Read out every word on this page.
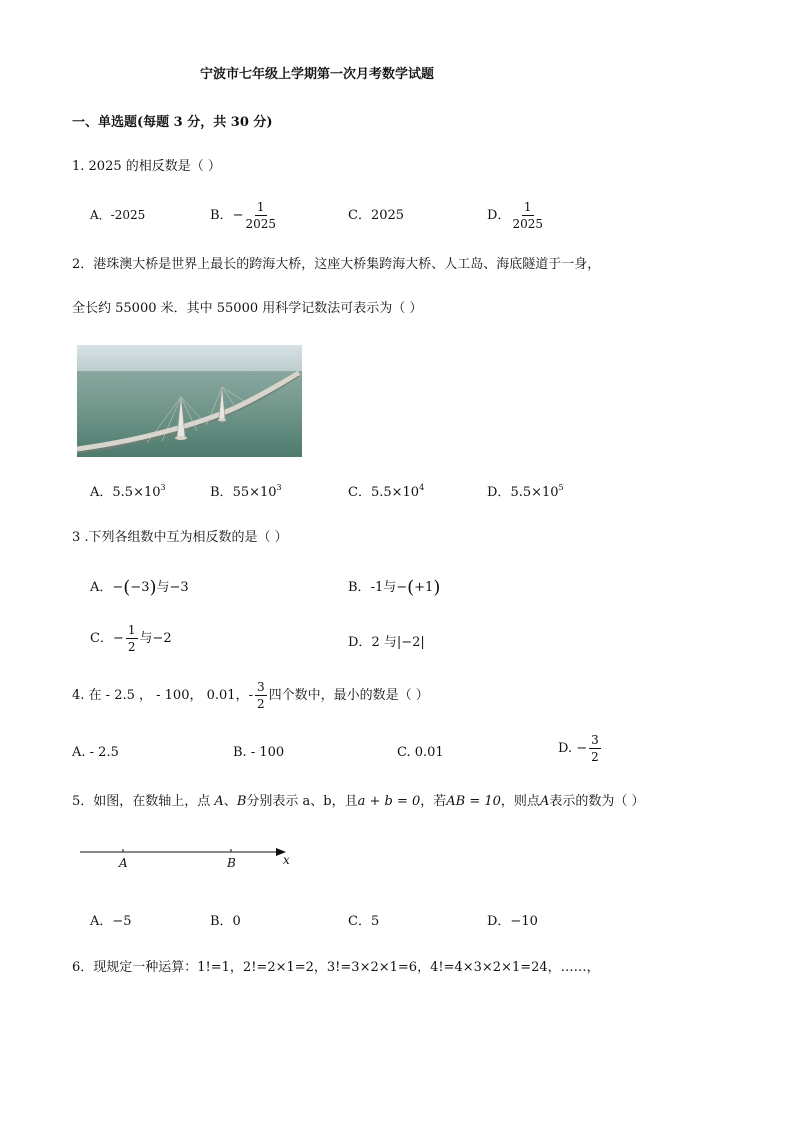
宁波市七年级上学期第一次月考数学试题
一、单选题(每题 3 分，共 30 分)
1. 2025 的相反数是（ ）
A．-2025	B．− $\frac{1}{2025}$	C．2025	D． $\frac{1}{2025}$
2．港珠澳大桥是世界上最长的跨海大桥，这座大桥集跨海大桥、人工岛、海底隧道于一身，
全长约 55000 米．其中 55000 用科学记数法可表示为（ ）
A．$5.5\times 10^3$	B．$55\times 10^3$	C．$5.5\times 10^4$	D．$5.5\times 10^5$
3 .下列各组数中互为相反数的是（ ）
A．−(−3)与−3	B．-1与−(+1)
C．− $\frac{1}{2}$ 与−2	D．2 与|−2|
4. 在 ‑ 2.5 ， ‑ 100， 0.01，- $\frac{3}{2}$ 四个数中，最小的数是（ ）
A. ‑ 2.5	B. ‑ 100	C. 0.01	D. − $\frac{3}{2}$
5．如图，在数轴上，点 A、B分别表示 a、b，且a + b = 0，若AB = 10，则点A表示的数为（ ）
A	B	x
A．−5	B．0	C．5	D．−10
6．现规定一种运算：1!=1，2!=2×1=2，3!=3×2×1=6，4!=4×3×2×1=24，……，
